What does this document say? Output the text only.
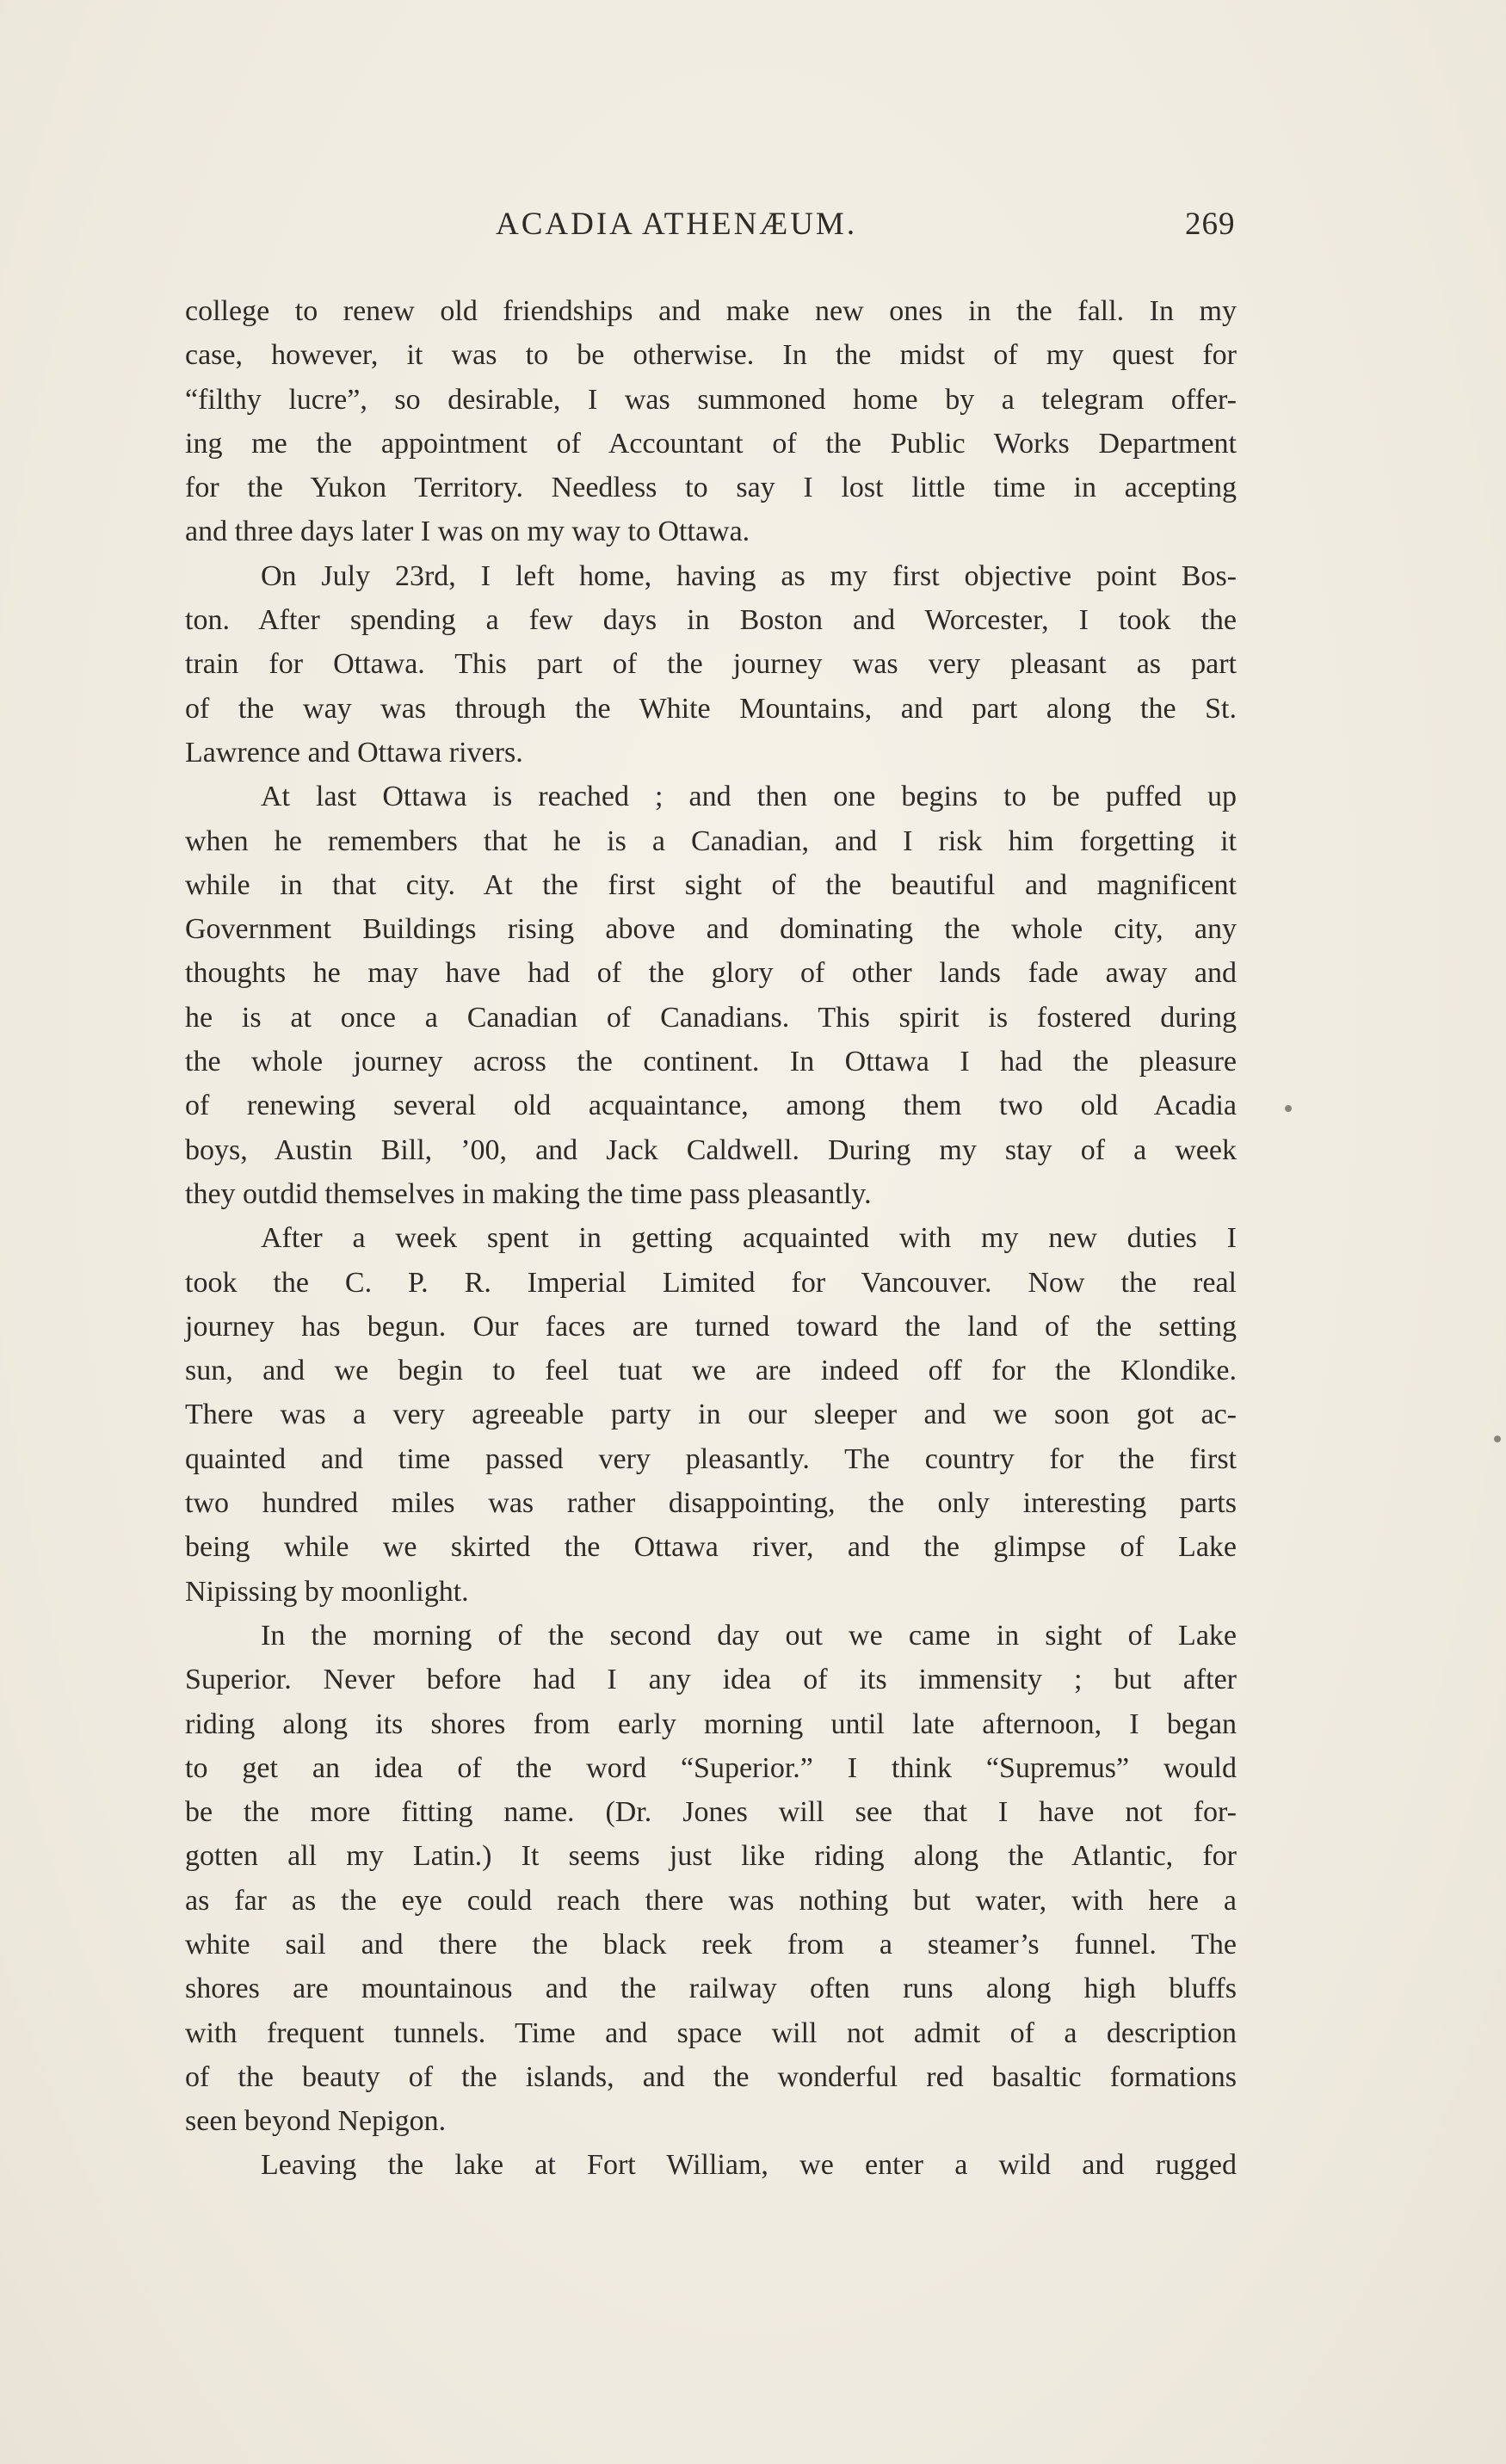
ACADIA ATHENÆUM.	269
college to renew old friendships and make new ones in the fall. In my
case, however, it was to be otherwise. In the midst of my quest for
“filthy lucre”, so desirable, I was summoned home by a telegram offer-
ing me the appointment of Accountant of the Public Works Department
for the Yukon Territory. Needless to say I lost little time in accepting
and three days later I was on my way to Ottawa.
On July 23rd, I left home, having as my first objective point Bos-
ton. After spending a few days in Boston and Worcester, I took the
train for Ottawa. This part of the journey was very pleasant as part
of the way was through the White Mountains, and part along the St.
Lawrence and Ottawa rivers.
At last Ottawa is reached ; and then one begins to be puffed up
when he remembers that he is a Canadian, and I risk him forgetting it
while in that city. At the first sight of the beautiful and magnificent
Government Buildings rising above and dominating the whole city, any
thoughts he may have had of the glory of other lands fade away and
he is at once a Canadian of Canadians. This spirit is fostered during
the whole journey across the continent. In Ottawa I had the pleasure
of renewing several old acquaintance, among them two old Acadia
boys, Austin Bill, ’00, and Jack Caldwell. During my stay of a week
they outdid themselves in making the time pass pleasantly.
After a week spent in getting acquainted with my new duties I
took the C. P. R. Imperial Limited for Vancouver. Now the real
journey has begun. Our faces are turned toward the land of the setting
sun, and we begin to feel tuat we are indeed off for the Klondike.
There was a very agreeable party in our sleeper and we soon got ac-
quainted and time passed very pleasantly. The country for the first
two hundred miles was rather disappointing, the only interesting parts
being while we skirted the Ottawa river, and the glimpse of Lake
Nipissing by moonlight.
In the morning of the second day out we came in sight of Lake
Superior. Never before had I any idea of its immensity ; but after
riding along its shores from early morning until late afternoon, I began
to get an idea of the word “Superior.” I think “Supremus” would
be the more fitting name. (Dr. Jones will see that I have not for-
gotten all my Latin.) It seems just like riding along the Atlantic, for
as far as the eye could reach there was nothing but water, with here a
white sail and there the black reek from a steamer’s funnel. The
shores are mountainous and the railway often runs along high bluffs
with frequent tunnels. Time and space will not admit of a description
of the beauty of the islands, and the wonderful red basaltic formations
seen beyond Nepigon.
Leaving the lake at Fort William, we enter a wild and rugged
